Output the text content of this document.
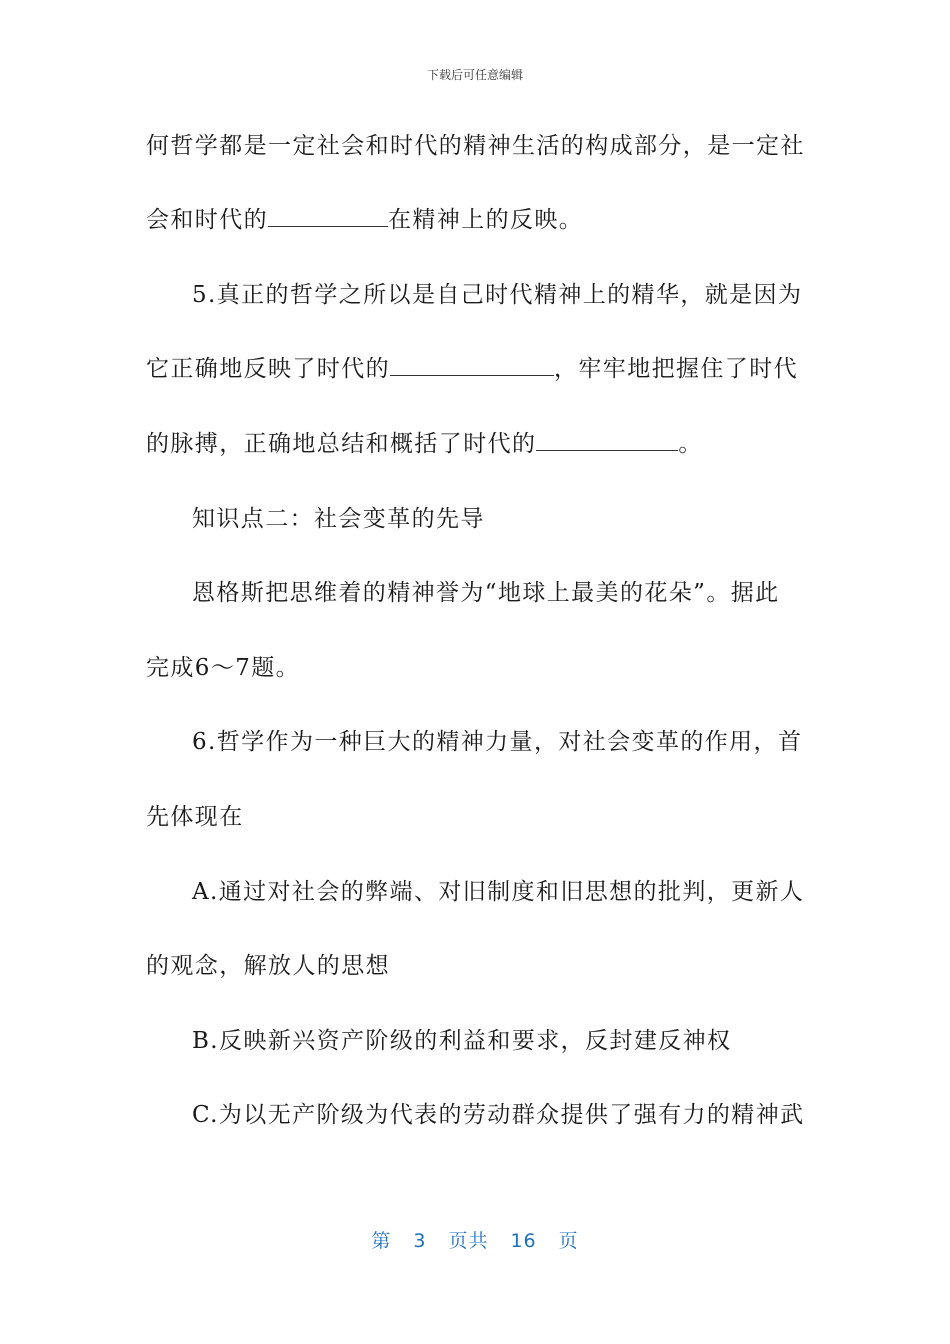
下载后可任意编辑
何哲学都是一定社会和时代的精神生活的构成部分，是一定社
会和时代的	在精神上的反映。
5.真正的哲学之所以是自己时代精神上的精华，就是因为
它正确地反映了时代的	，牢牢地把握住了时代
的脉搏，正确地总结和概括了时代的	。
知识点二：社会变革的先导
恩格斯把思维着的精神誉为“地球上最美的花朵”。据此
完成6～7题。
6.哲学作为一种巨大的精神力量，对社会变革的作用，首
先体现在
A.通过对社会的弊端、对旧制度和旧思想的批判，更新人
的观念，解放人的思想
B.反映新兴资产阶级的利益和要求，反封建反神权
C.为以无产阶级为代表的劳动群众提供了强有力的精神武
第 3 页共 16 页
